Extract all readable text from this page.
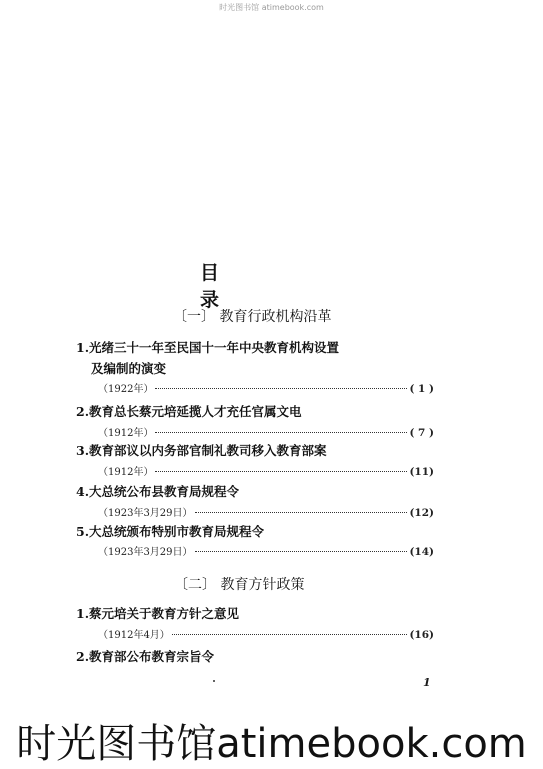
时光图书馆 atimebook.com
目录
〔一〕 教育行政机构沿革
1.光绪三十一年至民国十一年中央教育机构设置
及编制的演变
（1922年）	( 1 )
2.教育总长蔡元培延揽人才充任官属文电
（1912年）	( 7 )
3.教育部议以内务部官制礼教司移入教育部案
（1912年）	(11)
4.大总统公布县教育局规程令
（1923年3月29日）	(12)
5.大总统颁布特别市教育局规程令
（1923年3月29日）	(14)
〔二〕 教育方针政策
1.蔡元培关于教育方针之意见
（1912年4月）	(16)
2.教育部公布教育宗旨令
1
时光图书馆atimebook.com
